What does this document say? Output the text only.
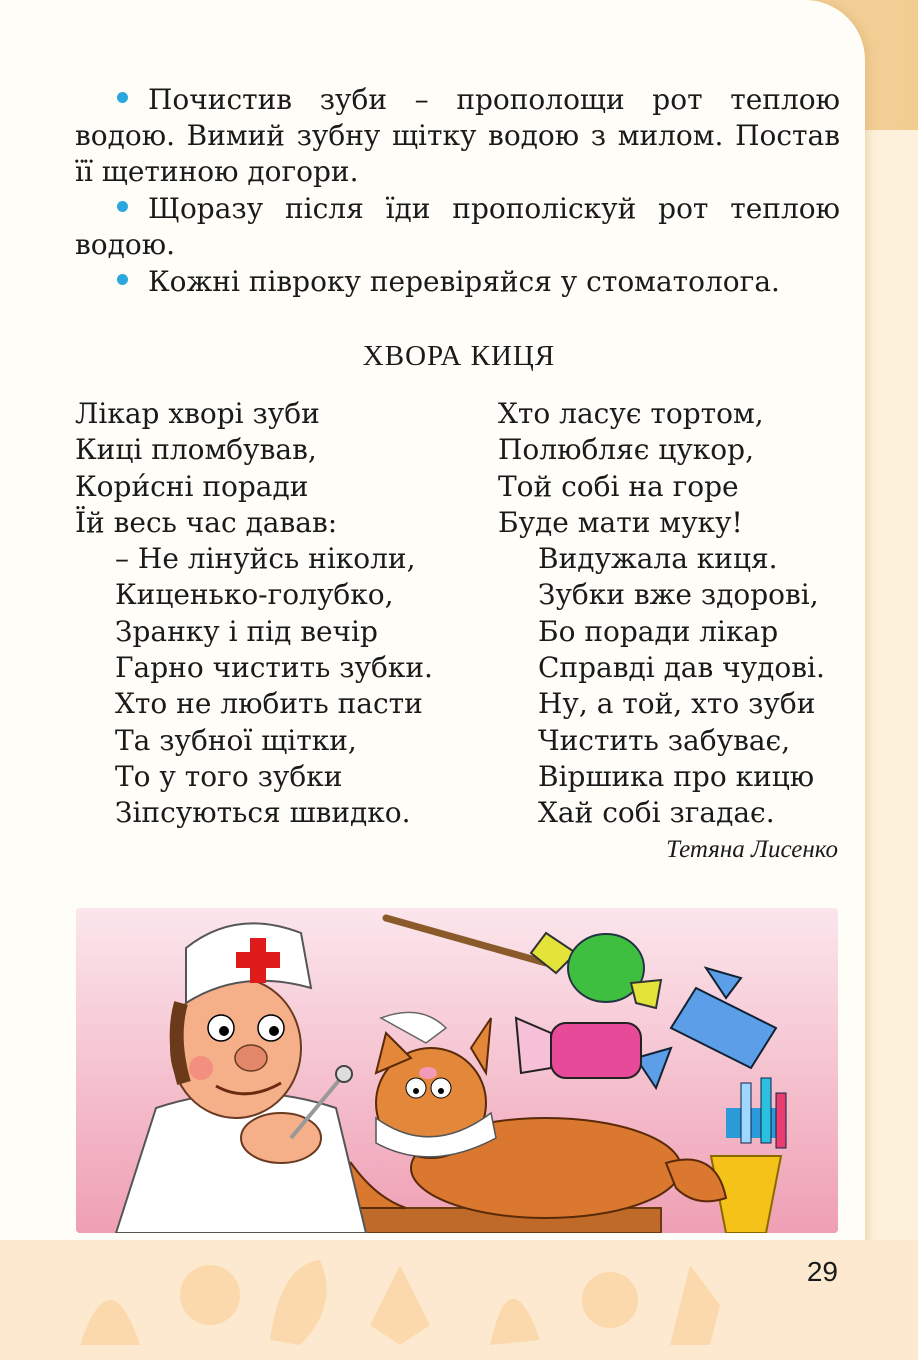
Почистив зуби – прополощи рот теплою водою. Вимий зубну щітку водою з милом. Постав її щетиною догори.

Щоразу після їди прополіскуй рот теплою водою.

Кожні півроку перевіряйся у стоматолога.

ХВОРА КИЦЯ
Лікар хворі зуби
Киці пломбував,
Кори́сні поради
Їй весь час давав:
– Не лінуйсь ніколи,
Киценько-голубко,
Зранку і під вечір
Гарно чистить зубки.
Хто не любить пасти
Та зубної щітки,
То у того зубки
Зіпсуються швидко.
Хто ласує тортом,
Полюбляє цукор,
Той собі на горе
Буде мати муку!
Видужала киця.
Зубки вже здорові,
Бо поради лікар
Справді дав чудові.
Ну, а той, хто зуби
Чистить забуває,
Віршика про кицю
Хай собі згадає.
Тетяна Лисенко
29
